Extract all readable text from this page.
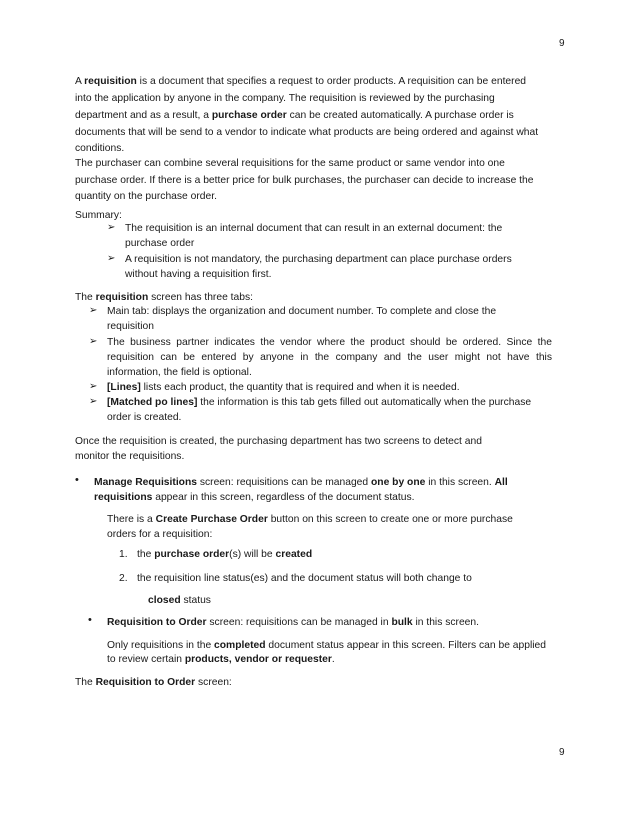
9
9
A requisition is a document that specifies a request to order products. A requisition can be entered
into the application by anyone in the company. The requisition is reviewed by the purchasing
department and as a result, a purchase order can be created automatically. A purchase order is
documents that will be send to a vendor to indicate what products are being ordered and against what
conditions.
The purchaser can combine several requisitions for the same product or same vendor into one
purchase order. If there is a better price for bulk purchases, the purchaser can decide to increase the
quantity on the purchase order.
Summary:
➢ The requisition is an internal document that can result in an external document: the
purchase order
➢ A requisition is not mandatory, the purchasing department can place purchase orders
without having a requisition first.
The requisition screen has three tabs:
➢ Main tab: displays the organization and document number. To complete and close the
requisition
➢ The business partner indicates the vendor where the product should be ordered. Since the
requisition can be entered by anyone in the company and the user might not have this
information, the field is optional.
➢ [Lines] lists each product, the quantity that is required and when it is needed.
➢ [Matched po lines] the information is this tab gets filled out automatically when the purchase
order is created.
Once the requisition is created, the purchasing department has two screens to detect and
monitor the requisitions.
• Manage Requisitions screen: requisitions can be managed one by one in this screen. All
requisitions appear in this screen, regardless of the document status.
There is a Create Purchase Order button on this screen to create one or more purchase
orders for a requisition:
1. the purchase order(s) will be created
2. the requisition line status(es) and the document status will both change to
closed status
• Requisition to Order screen: requisitions can be managed in bulk in this screen.
Only requisitions in the completed document status appear in this screen. Filters can be applied
to review certain products, vendor or requester.
The Requisition to Order screen:
